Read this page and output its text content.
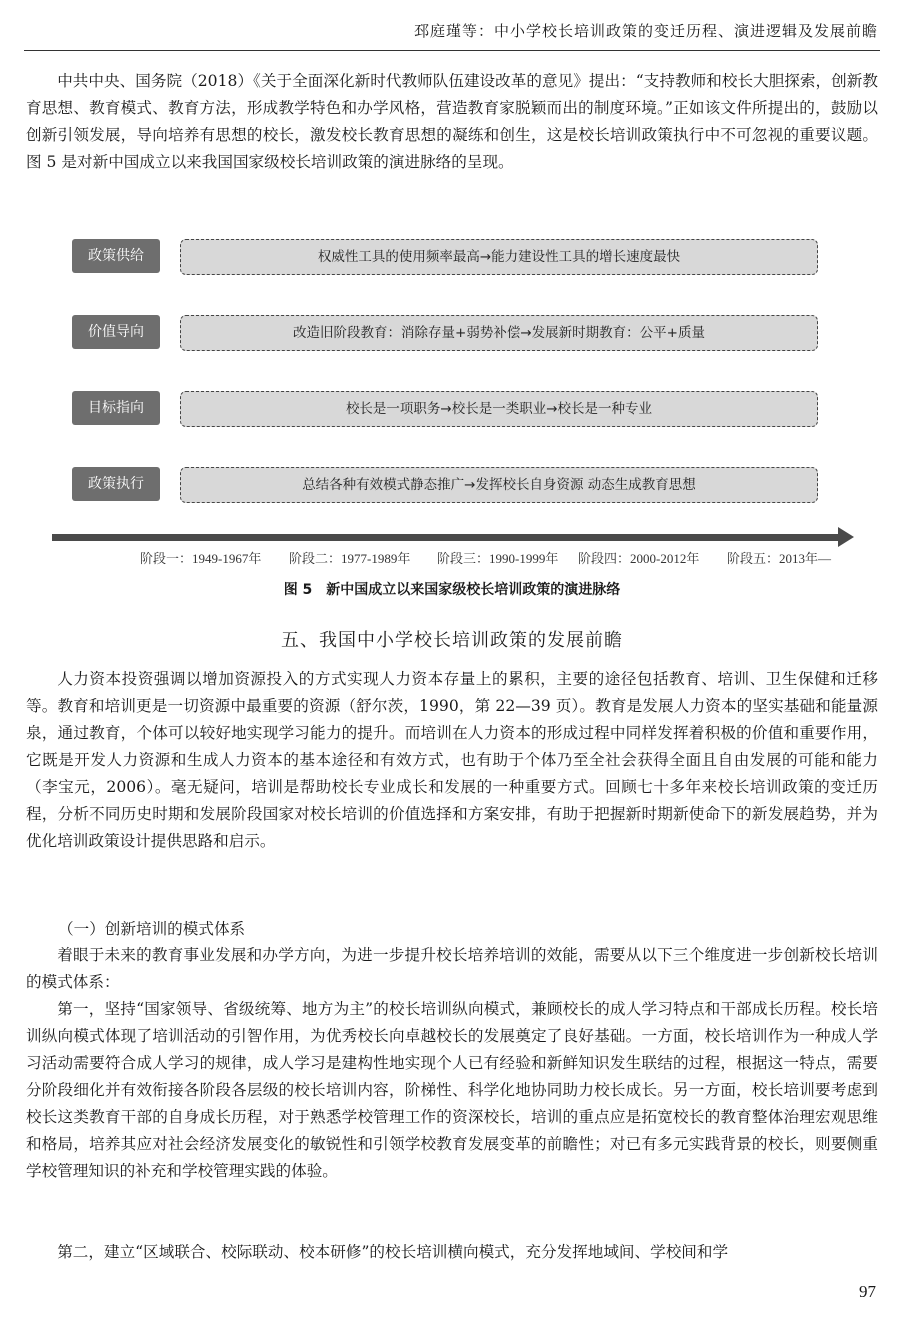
邳庭瑾等：中小学校长培训政策的变迁历程、演进逻辑及发展前瞻

中共中央、国务院（2018）《关于全面深化新时代教师队伍建设改革的意见》提出：“支持教师和校长大胆探索，创新教育思想、教育模式、教育方法，形成教学特色和办学风格，营造教育家脱颖而出的制度环境。”正如该文件所提出的，鼓励以创新引领发展，导向培养有思想的校长，激发校长教育思想的凝练和创生，这是校长培训政策执行中不可忽视的重要议题。图 5 是对新中国成立以来我国国家级校长培训政策的演进脉络的呈现。

政策供给	权威性工具的使用频率最高→能力建设性工具的增长速度最快
价值导向	改造旧阶段教育：消除存量+弱势补偿→发展新时期教育：公平+质量
目标指向	校长是一项职务→校长是一类职业→校长是一种专业
政策执行	总结各种有效模式静态推广→发挥校长自身资源 动态生成教育思想
阶段一：1949-1967年 阶段二：1977-1989年 阶段三：1990-1999年 阶段四：2000-2012年 阶段五：2013年—
图 5　新中国成立以来国家级校长培训政策的演进脉络
五、我国中小学校长培训政策的发展前瞻

人力资本投资强调以增加资源投入的方式实现人力资本存量上的累积，主要的途径包括教育、培训、卫生保健和迁移等。教育和培训更是一切资源中最重要的资源（舒尔茨，1990，第 22—39 页）。教育是发展人力资本的坚实基础和能量源泉，通过教育，个体可以较好地实现学习能力的提升。而培训在人力资本的形成过程中同样发挥着积极的价值和重要作用，它既是开发人力资源和生成人力资本的基本途径和有效方式，也有助于个体乃至全社会获得全面且自由发展的可能和能力（李宝元，2006）。毫无疑问，培训是帮助校长专业成长和发展的一种重要方式。回顾七十多年来校长培训政策的变迁历程，分析不同历史时期和发展阶段国家对校长培训的价值选择和方案安排，有助于把握新时期新使命下的新发展趋势，并为优化培训政策设计提供思路和启示。

（一）创新培训的模式体系

着眼于未来的教育事业发展和办学方向，为进一步提升校长培养培训的效能，需要从以下三个维度进一步创新校长培训的模式体系：

第一，坚持“国家领导、省级统筹、地方为主”的校长培训纵向模式，兼顾校长的成人学习特点和干部成长历程。校长培训纵向模式体现了培训活动的引智作用，为优秀校长向卓越校长的发展奠定了良好基础。一方面，校长培训作为一种成人学习活动需要符合成人学习的规律，成人学习是建构性地实现个人已有经验和新鲜知识发生联结的过程，根据这一特点，需要分阶段细化并有效衔接各阶段各层级的校长培训内容，阶梯性、科学化地协同助力校长成长。另一方面，校长培训要考虑到校长这类教育干部的自身成长历程，对于熟悉学校管理工作的资深校长，培训的重点应是拓宽校长的教育整体治理宏观思维和格局，培养其应对社会经济发展变化的敏锐性和引领学校教育发展变革的前瞻性；对已有多元实践背景的校长，则要侧重学校管理知识的补充和学校管理实践的体验。

第二，建立“区域联合、校际联动、校本研修”的校长培训横向模式，充分发挥地域间、学校间和学

97
